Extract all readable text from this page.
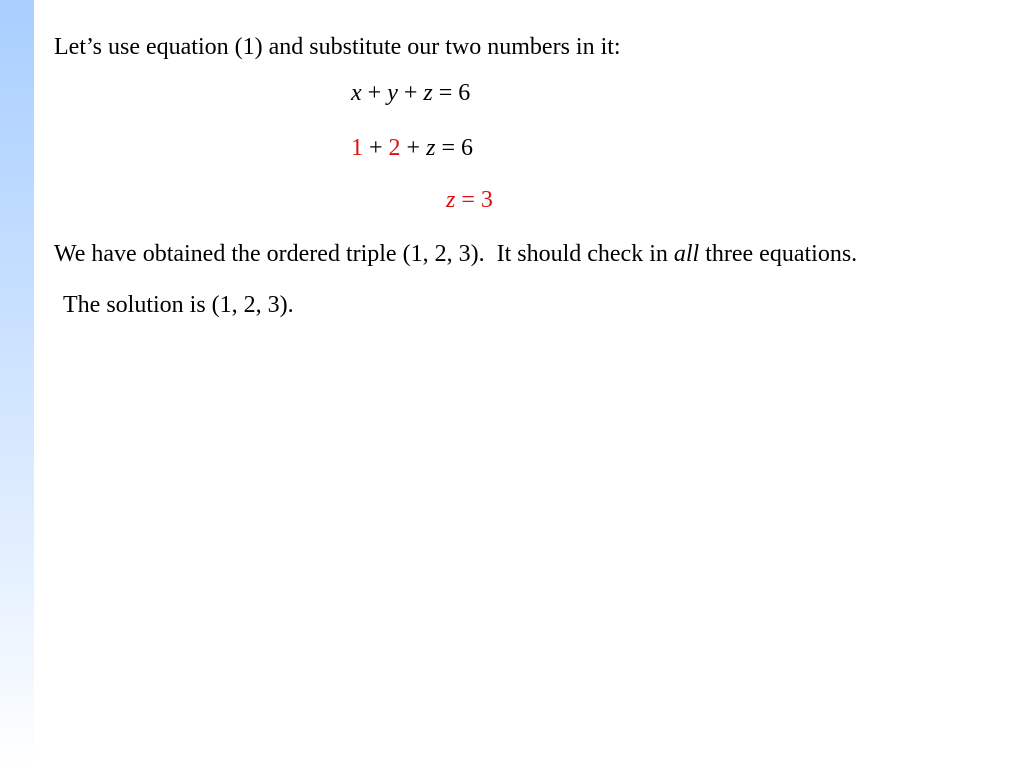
Let’s use equation (1) and substitute our two numbers in it:
x + y + z = 6
1 + 2 + z = 6
z = 3
We have obtained the ordered triple (1, 2, 3).  It should check in all three equations.
The solution is (1, 2, 3).
